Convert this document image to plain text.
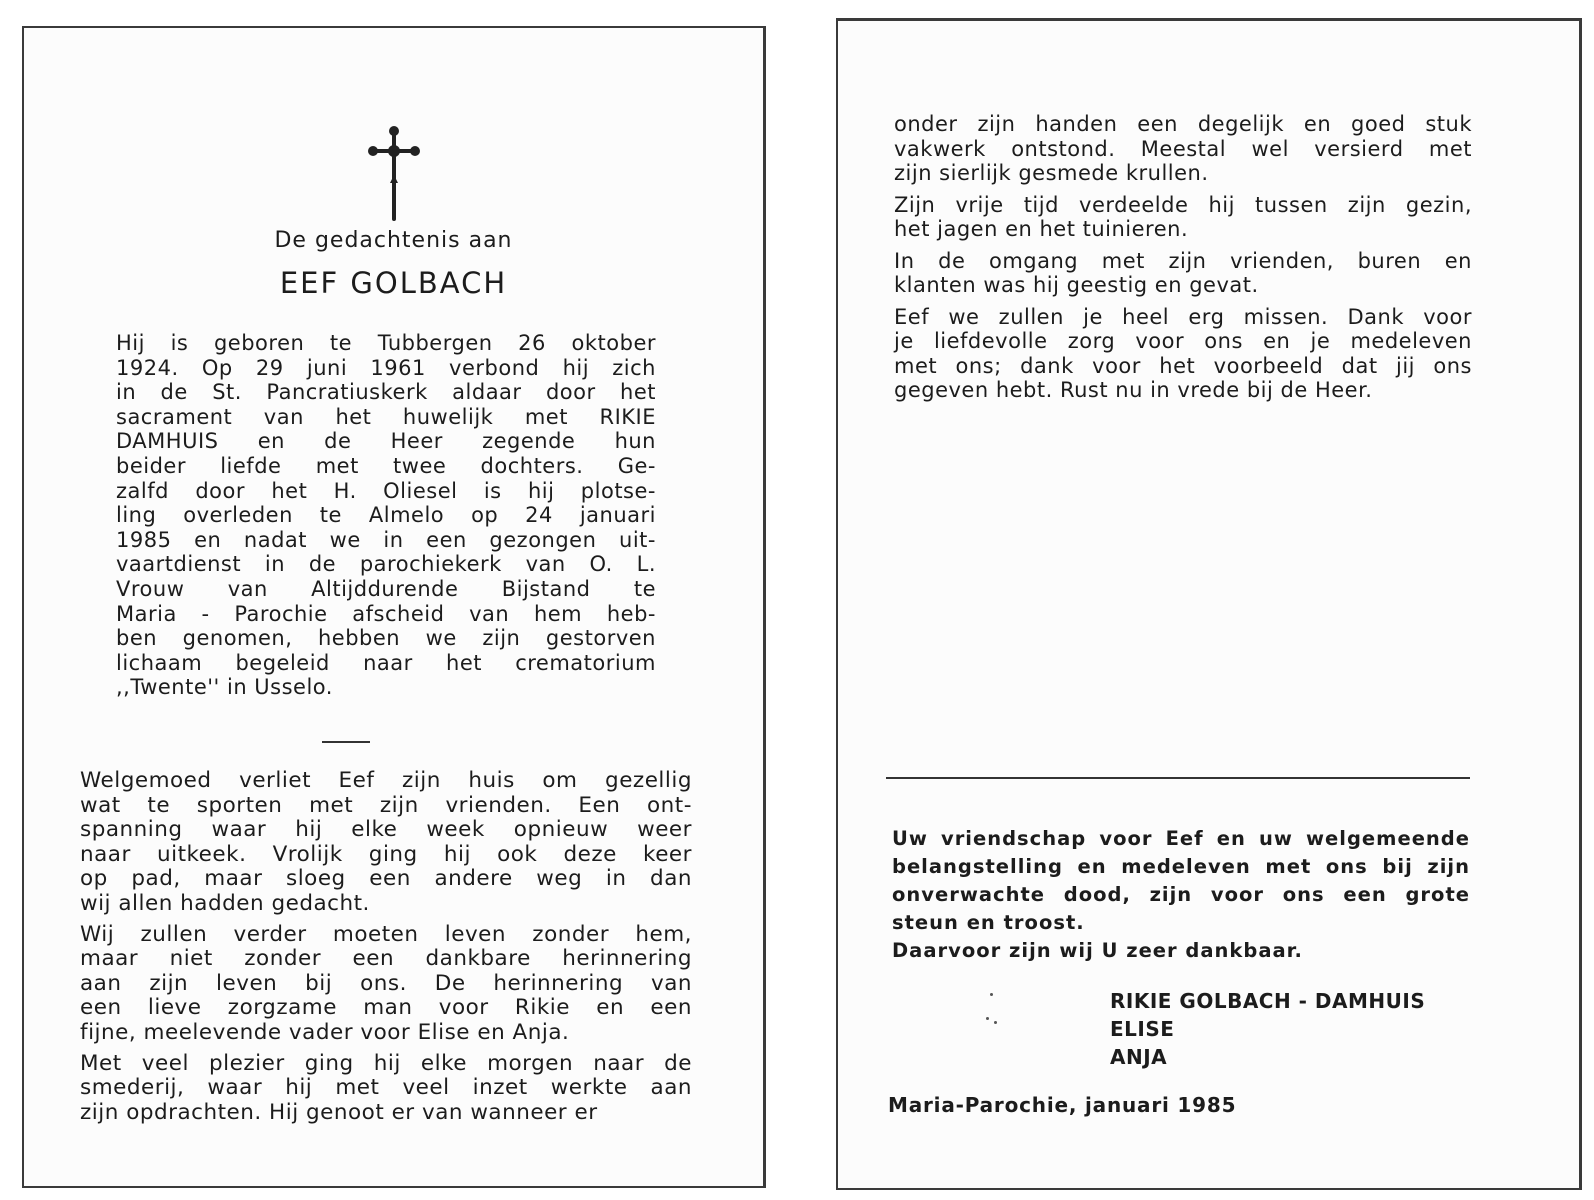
De gedachtenis aan
EEF GOLBACH
Hij is geboren te Tubbergen 26 oktober
1924. Op 29 juni 1961 verbond hij zich
in de St. Pancratiuskerk aldaar door het
sacrament van het huwelijk met RIKIE
DAMHUIS en de Heer zegende hun
beider liefde met twee dochters. Ge-
zalfd door het H. Oliesel is hij plotse-
ling overleden te Almelo op 24 januari
1985 en nadat we in een gezongen uit-
vaartdienst in de parochiekerk van O. L.
Vrouw van Altijddurende Bijstand te
Maria - Parochie afscheid van hem heb-
ben genomen, hebben we zijn gestorven
lichaam begeleid naar het crematorium
,,Twente'' in Usselo.
Welgemoed verliet Eef zijn huis om gezellig
wat te sporten met zijn vrienden. Een ont-
spanning waar hij elke week opnieuw weer
naar uitkeek. Vrolijk ging hij ook deze keer
op pad, maar sloeg een andere weg in dan
wij allen hadden gedacht.
Wij zullen verder moeten leven zonder hem,
maar niet zonder een dankbare herinnering
aan zijn leven bij ons. De herinnering van
een lieve zorgzame man voor Rikie en een
fijne, meelevende vader voor Elise en Anja.
Met veel plezier ging hij elke morgen naar de
smederij, waar hij met veel inzet werkte aan
zijn opdrachten. Hij genoot er van wanneer er
onder zijn handen een degelijk en goed stuk
vakwerk ontstond. Meestal wel versierd met
zijn sierlijk gesmede krullen.
Zijn vrije tijd verdeelde hij tussen zijn gezin,
het jagen en het tuinieren.
In de omgang met zijn vrienden, buren en
klanten was hij geestig en gevat.
Eef we zullen je heel erg missen. Dank voor
je liefdevolle zorg voor ons en je medeleven
met ons; dank voor het voorbeeld dat jij ons
gegeven hebt. Rust nu in vrede bij de Heer.
Uw vriendschap voor Eef en uw welgemeende
belangstelling en medeleven met ons bij zijn
onverwachte dood, zijn voor ons een grote
steun en troost.
Daarvoor zijn wij U zeer dankbaar.
RIKIE GOLBACH - DAMHUIS
ELISE
ANJA
Maria-Parochie, januari 1985
